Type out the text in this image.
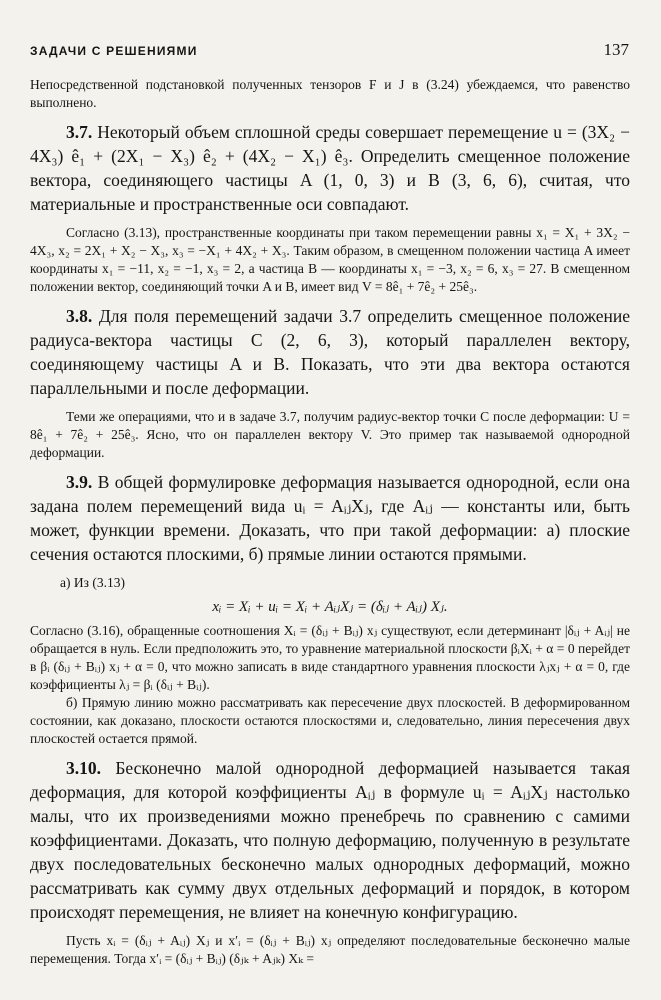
ЗАДАЧИ С РЕШЕНИЯМИ	137

Непосредственной подстановкой полученных тензоров F и J в (3.24) убеждаемся, что равенство выполнено.

3.7. Некоторый объем сплошной среды совершает перемещение u = (3X₂ − 4X₃) ê₁ + (2X₁ − X₃) ê₂ + (4X₂ − X₁) ê₃. Определить смещенное положение вектора, соединяющего частицы A (1, 0, 3) и B (3, 6, 6), считая, что материальные и пространственные оси совпадают.

Согласно (3.13), пространственные координаты при таком перемещении равны x₁ = X₁ + 3X₂ − 4X₃, x₂ = 2X₁ + X₂ − X₃, x₃ = −X₁ + 4X₂ + X₃. Таким образом, в смещенном положении частица A имеет координаты x₁ = −11, x₂ = −1, x₃ = 2, а частица B — координаты x₁ = −3, x₂ = 6, x₃ = 27. В смещенном положении вектор, соединяющий точки A и B, имеет вид V = 8ê₁ + 7ê₂ + 25ê₃.

3.8. Для поля перемещений задачи 3.7 определить смещенное положение радиуса-вектора частицы C (2, 6, 3), который параллелен вектору, соединяющему частицы A и B. Показать, что эти два вектора остаются параллельными и после деформации.

Теми же операциями, что и в задаче 3.7, получим радиус-вектор точки C после деформации: U = 8ê₁ + 7ê₂ + 25ê₃. Ясно, что он параллелен вектору V. Это пример так называемой однородной деформации.

3.9. В общей формулировке деформация называется однородной, если она задана полем перемещений вида uᵢ = AᵢⱼXⱼ, где Aᵢⱼ — константы или, быть может, функции времени. Доказать, что при такой деформации: а) плоские сечения остаются плоскими, б) прямые линии остаются прямыми.

а) Из (3.13)

xᵢ = Xᵢ + uᵢ = Xᵢ + AᵢⱼXⱼ = (δᵢⱼ + Aᵢⱼ) Xⱼ.

Согласно (3.16), обращенные соотношения Xᵢ = (δᵢⱼ + Bᵢⱼ) xⱼ существуют, если детерминант |δᵢⱼ + Aᵢⱼ| не обращается в нуль. Если предположить это, то уравнение материальной плоскости βᵢXᵢ + α = 0 перейдет в βᵢ (δᵢⱼ + Bᵢⱼ) xⱼ + α = 0, что можно записать в виде стандартного уравнения плоскости λⱼxⱼ + α = 0, где коэффициенты λⱼ = βᵢ (δᵢⱼ + Bᵢⱼ).

б) Прямую линию можно рассматривать как пересечение двух плоскостей. В деформированном состоянии, как доказано, плоскости остаются плоскостями и, следовательно, линия пересечения двух плоскостей остается прямой.

3.10. Бесконечно малой однородной деформацией называется такая деформация, для которой коэффициенты Aᵢⱼ в формуле uᵢ = AᵢⱼXⱼ настолько малы, что их произведениями можно пренебречь по сравнению с самими коэффициентами. Доказать, что полную деформацию, полученную в результате двух последовательных бесконечно малых однородных деформаций, можно рассматривать как сумму двух отдельных деформаций и порядок, в котором происходят перемещения, не влияет на конечную конфигурацию.

Пусть xᵢ = (δᵢⱼ + Aᵢⱼ) Xⱼ и x′ᵢ = (δᵢⱼ + Bᵢⱼ) xⱼ определяют последовательные бесконечно малые перемещения. Тогда x′ᵢ = (δᵢⱼ + Bᵢⱼ) (δⱼₖ + Aⱼₖ) Xₖ =
